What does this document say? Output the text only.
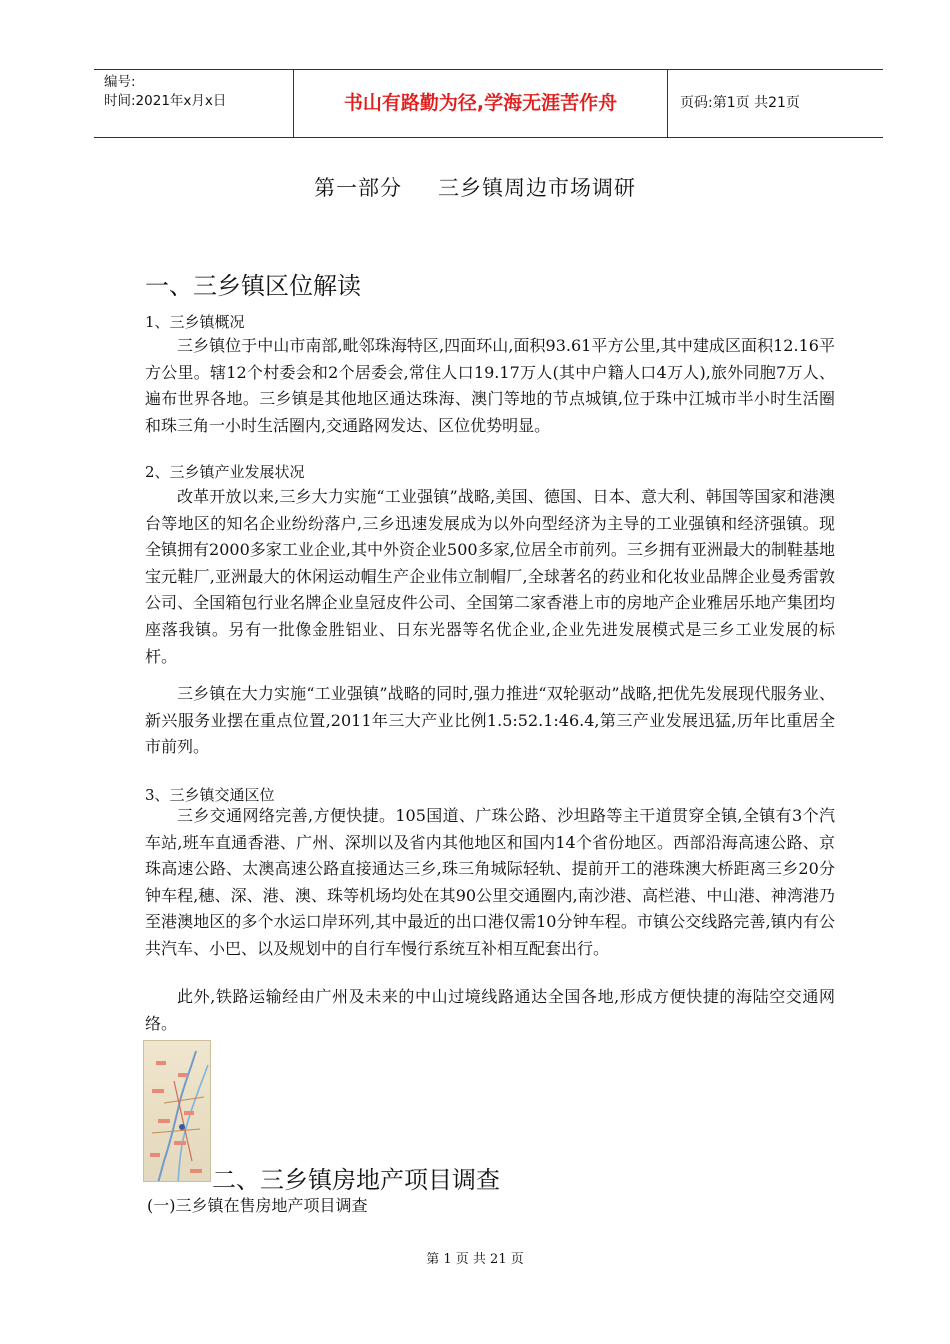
编号:
时间:2021年x月x日	书山有路勤为径,学海无涯苦作舟	页码:第1页 共21页
第一部分 三乡镇周边市场调研
一、三乡镇区位解读
1、三乡镇概况
三乡镇位于中山市南部,毗邻珠海特区,四面环山,面积93.61平方公里,其中建成区面积12.16平方公里。辖12个村委会和2个居委会,常住人口19.17万人(其中户籍人口4万人),旅外同胞7万人、遍布世界各地。三乡镇是其他地区通达珠海、澳门等地的节点城镇,位于珠中江城市半小时生活圈和珠三角一小时生活圈内,交通路网发达、区位优势明显。
2、三乡镇产业发展状况
改革开放以来,三乡大力实施“工业强镇”战略,美国、德国、日本、意大利、韩国等国家和港澳台等地区的知名企业纷纷落户,三乡迅速发展成为以外向型经济为主导的工业强镇和经济强镇。现全镇拥有2000多家工业企业,其中外资企业500多家,位居全市前列。三乡拥有亚洲最大的制鞋基地宝元鞋厂,亚洲最大的休闲运动帽生产企业伟立制帽厂,全球著名的药业和化妆业品牌企业曼秀雷敦公司、全国箱包行业名牌企业皇冠皮件公司、全国第二家香港上市的房地产企业雅居乐地产集团均座落我镇。另有一批像金胜铝业、日东光器等名优企业,企业先进发展模式是三乡工业发展的标杆。
三乡镇在大力实施“工业强镇”战略的同时,强力推进“双轮驱动”战略,把优先发展现代服务业、新兴服务业摆在重点位置,2011年三大产业比例1.5:52.1:46.4,第三产业发展迅猛,历年比重居全市前列。
3、三乡镇交通区位
三乡交通网络完善,方便快捷。105国道、广珠公路、沙坦路等主干道贯穿全镇,全镇有3个汽车站,班车直通香港、广州、深圳以及省内其他地区和国内14个省份地区。西部沿海高速公路、京珠高速公路、太澳高速公路直接通达三乡,珠三角城际轻轨、提前开工的港珠澳大桥距离三乡20分钟车程,穗、深、港、澳、珠等机场均处在其90公里交通圈内,南沙港、高栏港、中山港、神湾港乃至港澳地区的多个水运口岸环列,其中最近的出口港仅需10分钟车程。市镇公交线路完善,镇内有公共汽车、小巴、以及规划中的自行车慢行系统互补相互配套出行。
此外,铁路运输经由广州及未来的中山过境线路通达全国各地,形成方便快捷的海陆空交通网络。
二、三乡镇房地产项目调查
(一)三乡镇在售房地产项目调查
第 1 页 共 21 页
